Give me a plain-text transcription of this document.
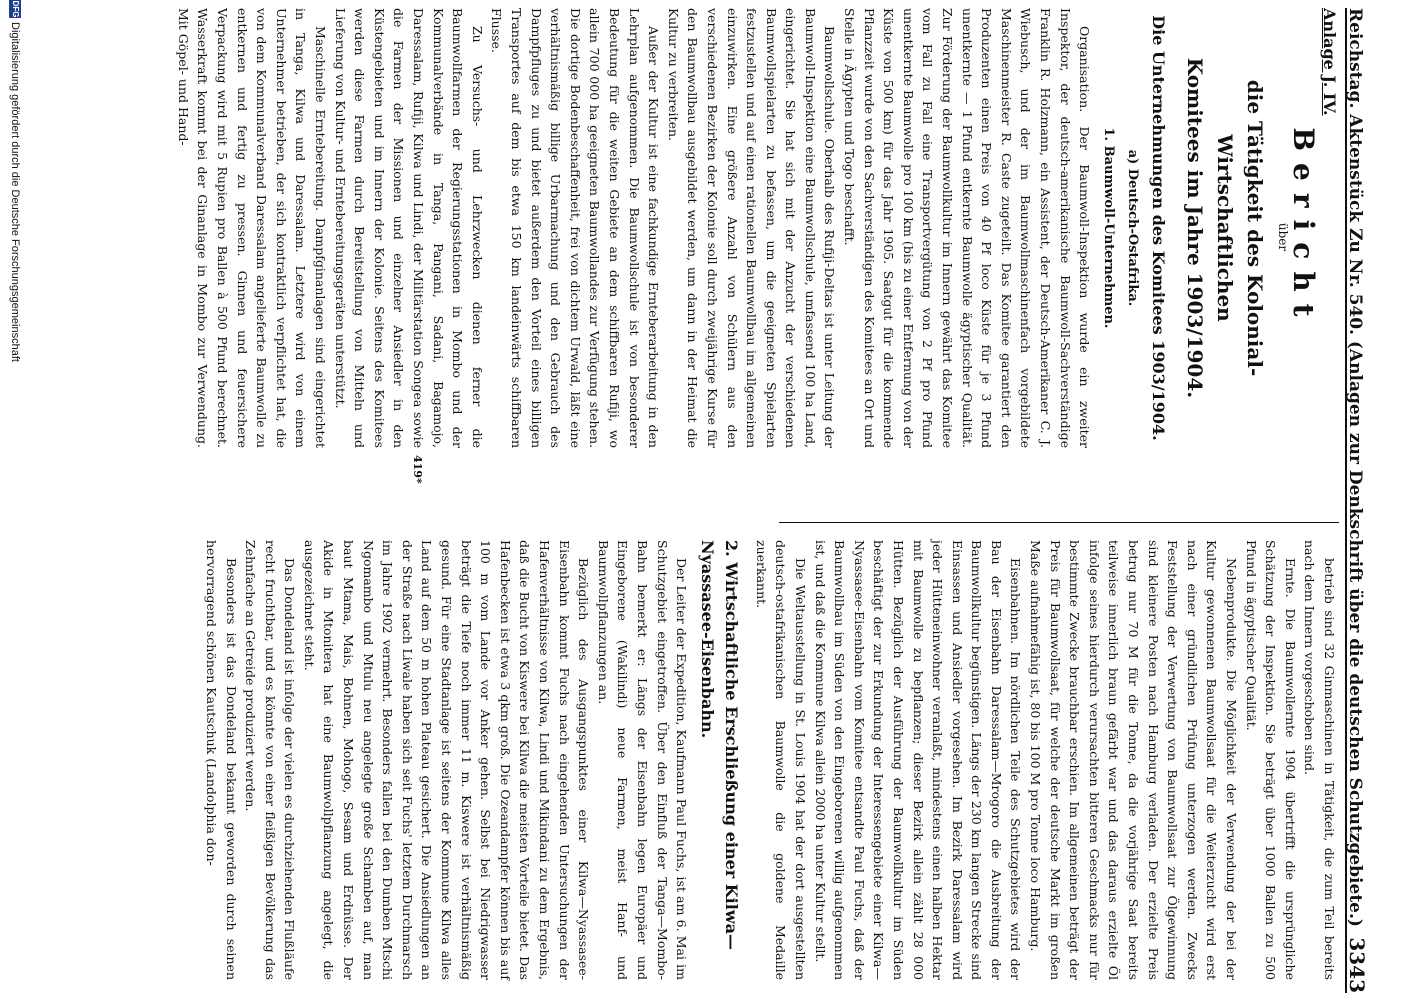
Reichstag. Aktenstück Zu Nr. 540. (Anlagen zur Denkschrift über die deutschen Schutzgebiete.)
3343
Anlage J. IV.
Bericht

über

die Tätigkeit des Kolonial-Wirtschaftlichen
Komitees im Jahre 1903/1904.
Die Unternehmungen des Komitees 1903/1904.
a) Deutsch-Ostafrika.
1. Baumwoll-Unternehmen.

Organisation. Der Baumwoll-Inspektion wurde ein zweiter Inspektor, der deutsch-amerikanische Baumwoll-Sachverständige Franklin R. Holzmann, ein Assistent, der Deutsch-Amerikaner C. J. Wiebusch, und der im Baumwollmaschinenfach vorgebildete Maschinenmeister R. Caste zugeteilt. Das Komitee garantiert den Produzenten einen Preis von 40 Pf loco Küste für je 3 Pfund unentkernte — 1 Pfund entkernte Baumwolle ägyptischer Qualität. Zur Förderung der Baumwollkultur im Innern gewährt das Komitee vom Fall zu Fall eine Transportvergütung von 2 Pf pro Pfund unentkernte Baumwolle pro 100 km (bis zu einer Entfernung von der Küste von 500 km) für das Jahr 1905. Saatgut für die kommende Pflanzzeit wurde von den Sachverständigen des Komitees an Ort und Stelle in Ägypten und Togo beschafft.

Baumwollschule. Oberhalb des Rufiji-Deltas ist unter Leitung der Baumwoll-Inspektion eine Baumwollschule, umfassend 100 ha Land, eingerichtet. Sie hat sich mit der Anzucht der verschiedenen Baumwollspielarten zu befassen, um die geeigneten Spielarten festzustellen und auf einen rationellen Baumwollbau im allgemeinen einzuwirken. Eine größere Anzahl von Schülern aus den verschiedenen Bezirken der Kolonie soll durch zweijährige Kurse für den Baumwollbau ausgebildet werden, um dann in der Heimat die Kultur zu verbreiten.

Außer der Kultur ist eine fachkundige Ernteberarbeitung in den Lehrplan aufgenommen. Die Baumwollschule ist von besonderer Bedeutung für die weiten Gebiete an dem schiffbaren Rufiji, wo allein 700 000 ha geeigneten Baumwollandes zur Verfügung stehen. Die dortige Bodenbeschaffenheit, frei von dichtem Urwald, läßt eine verhältnismäßig billige Urbarmachung und den Gebrauch des Dampfpfluges zu und bietet außerdem den Vorteil eines billigen Transportes auf dem bis etwa 150 km landeinwärts schiffbaren Flusse.

Zu Versuchs- und Lehrzwecken dienen ferner die Baumwollfarmen der Regierungsstationen in Mombo und der Kommunalverbände in Tanga, Pangani, Sadani, Bagamojo, Daressalam, Rufiji, Kilwa und Lindi, der Militärstation Songea sowie die Farmen der Missionen und einzelner Ansiedler in den Küstengebieten und im Innern der Kolonie. Seitens des Komitees werden diese Farmen durch Bereitstellung von Mitteln und Lieferung von Kultur- und Erntebereitungsgeräten unterstützt.

Maschinelle Erntebereitung. Dampfginanlagen sind eingerichtet in Tanga, Kilwa und Daressalam. Letztere wird von einem Unternehmer betrieben, der sich kontraktlich verpflichtet hat, die von dem Kommunalverband Daressalam angelieferte Baumwolle zu entkernen und fertig zu pressen. Ginnen und feuersichere Verpackung wird mit 5 Rupien pro Ballen à 500 Pfund berechnet. Wasserkraft kommt bei der Ginanlage in Mombo zur Verwendung. Mit Göpel- und Hand-

betrieb sind 32 Ginmaschinen in Tätigkeit, die zum Teil bereits nach dem Innern vorgeschoben sind.

Ernte. Die Baumwollernte 1904 übertrifft die ursprüngliche Schätzung der Inspektion. Sie beträgt über 1000 Ballen zu 500 Pfund in ägyptischer Qualität.

Nebenprodukte. Die Möglichkeit der Verwendung der bei der Kultur gewonnenen Baumwollsaat für die Weiterzucht wird erst nach einer gründlichen Prüfung unterzogen werden. Zwecks Feststellung der Verwertung von Baumwollsaat zur Ölgewinnung sind kleinere Posten nach Hamburg verladen. Der erzielte Preis betrug nur 70 M für die Tonne, da die vorjährige Saat bereits teilweise innerlich braun gefärbt war und das daraus erzielte Öl infolge seines hierdurch verursachten bitteren Geschmacks nur für bestimmte Zwecke brauchbar erschien. Im allgemeinen beträgt der Preis für Baumwollsaat, für welche der deutsche Markt im großen Maße aufnahmefähig ist, 80 bis 100 M pro Tonne loco Hamburg.

Eisenbahnen. Im nördlichen Teile des Schutzgebietes wird der Bau der Eisenbahn Daressalam—Mrogoro die Ausbreitung der Baumwollkultur begünstigen. Längs der 230 km langen Strecke sind Einsassen und Ansiedler vorgesehen. Im Bezirk Daressalam wird jeder Hütteneinwohner veranlaßt, mindestens einen halben Hektar mit Baumwolle zu bepflanzen; dieser Bezirk allein zählt 28 000 Hütten. Bezüglich der Ausführung der Baumwollkultur im Süden beschäftigt der zur Erkundung der Interessengebiete einer Kilwa—Nyassasee-Eisenbahn vom Komitee entsandte Paul Fuchs, daß der Baumwollbau im Süden von den Eingeborenen willig aufgenommen ist, und daß die Kommune Kilwa allein 2000 ha unter Kultur stellt.

Die Weltausstellung in St. Louis 1904 hat der dort ausgestellten deutsch-ostafrikanischen Baumwolle die goldene Medaille zuerkannt.

2. Wirtschaftliche Erschließung einer Kilwa—Nyassasee-Eisenbahn.

Der Leiter der Expedition, Kaufmann Paul Fuchs, ist am 6. Mai im Schutzgebiet eingetroffen. Über den Einfluß der Tanga—Mombo-Bahn bemerkt er: Längs der Eisenbahn legen Europäer und Eingeborene (Wakilindi) neue Farmen, meist Hanf- und Baumwollpflanzungen an.

Bezüglich des Ausgangspunktes einer Kilwa—Nyassasee-Eisenbahn kommt Fuchs nach eingehenden Untersuchungen der Hafenverhältnisse von Kilwa, Lindi und Mikindani zu dem Ergebnis, daß die Bucht von Kiswere bei Kilwa die meisten Vorteile bietet. Das Hafenbecken ist etwa 3 qkm groß. Die Ozeandampfer können bis auf 100 m vom Lande vor Anker gehen. Selbst bei Niedrigwasser beträgt die Tiefe noch immer 11 m. Kiswere ist verhältnismäßig gesund. Für eine Stadtanlage ist seitens der Kommune Kilwa alles Land auf dem 50 m hohen Plateau gesichert. Die Ansiedlungen an der Straße nach Liwale haben sich seit Fuchs' letztem Durchmarsch im Jahre 1902 vermehrt. Besonders fallen bei den Dumben Mtschi Ngomambo und Mtulu neu angelegte große Schamben auf, man baut Mtama, Mais, Bohnen, Mohogo, Sesam und Erdnüsse. Der Akide in Mtonitera hat eine Baumwollpflanzung angelegt, die ausgezeichnet steht.

Das Dondeland ist infolge der vielen es durchziehenden Flußläufe recht fruchtbar, und es könnte von einer fleißigen Bevölkerung das Zehnfache an Getreide produziert werden.

Besonders ist das Dondeland bekannt geworden durch seinen hervorragend schönen Kautschuk (Landolphia don-

419*
DFG
Digitalisierung gefördert durch die Deutsche Forschungsgemeinschaft
